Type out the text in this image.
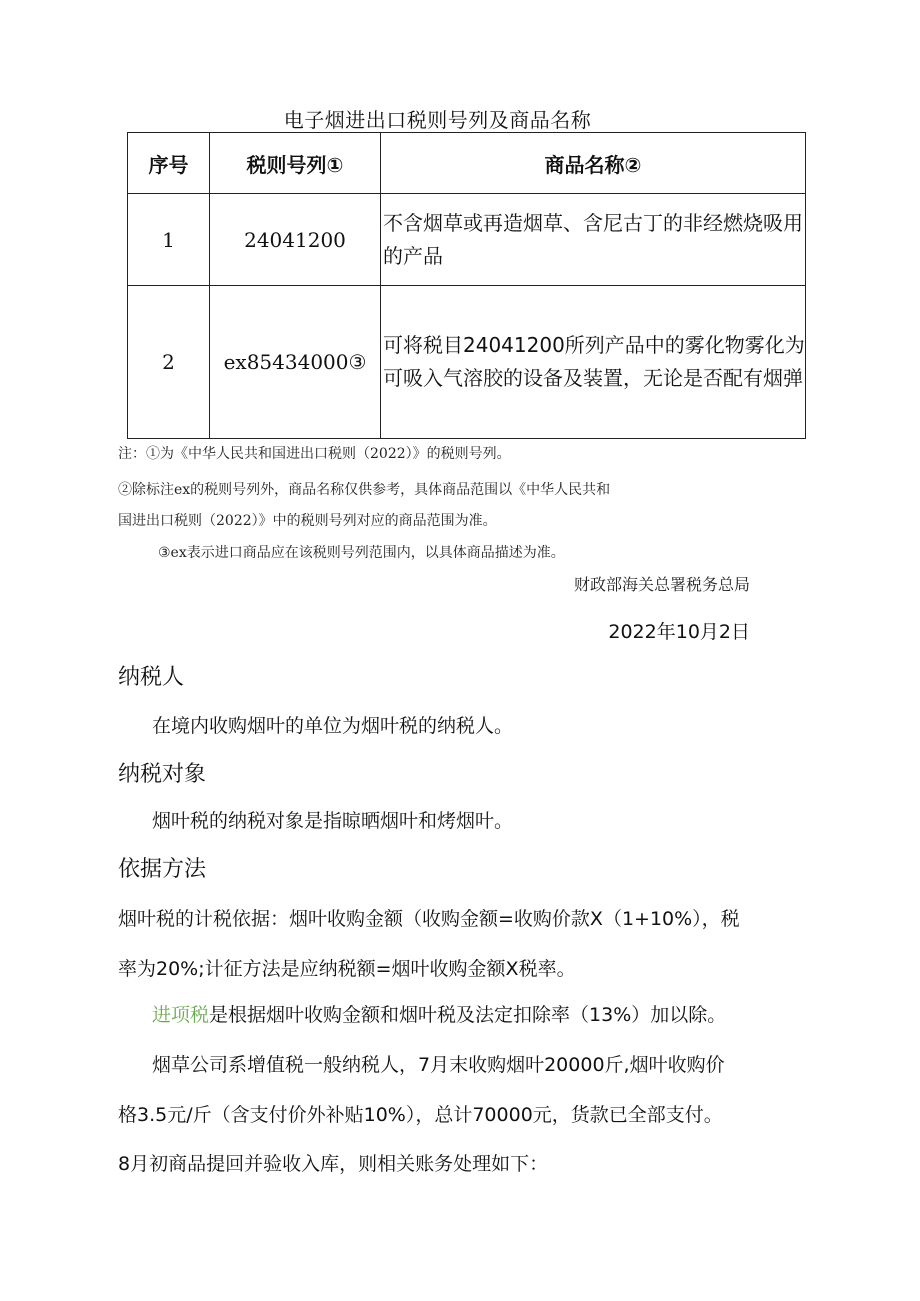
电子烟进出口税则号列及商品名称
序号	税则号列①	商品名称②
1	24041200	不含烟草或再造烟草、含尼古丁的非经燃烧吸用的产品
2	ex85434000③	可将税目24041200所列产品中的雾化物雾化为可吸入气溶胶的设备及装置，无论是否配有烟弹
注：①为《中华人民共和国进出口税则（2022）》的税则号列。
②除标注ex的税则号列外，商品名称仅供参考，具体商品范围以《中华人民共和
国进出口税则（2022）》中的税则号列对应的商品范围为准。
③ex表示进口商品应在该税则号列范围内，以具体商品描述为准。
财政部海关总署税务总局
2022年10月2日
纳税人
在境内收购烟叶的单位为烟叶税的纳税人。
纳税对象
烟叶税的纳税对象是指晾晒烟叶和烤烟叶。
依据方法
烟叶税的计税依据：烟叶收购金额（收购金额=收购价款X（1+10%），税
率为20%;计征方法是应纳税额=烟叶收购金额X税率。
进项税是根据烟叶收购金额和烟叶税及法定扣除率（13%）加以除。
烟草公司系增值税一般纳税人，7月末收购烟叶20000斤,烟叶收购价
格3.5元/斤（含支付价外补贴10%），总计70000元，货款已全部支付。
8月初商品提回并验收入库，则相关账务处理如下：
